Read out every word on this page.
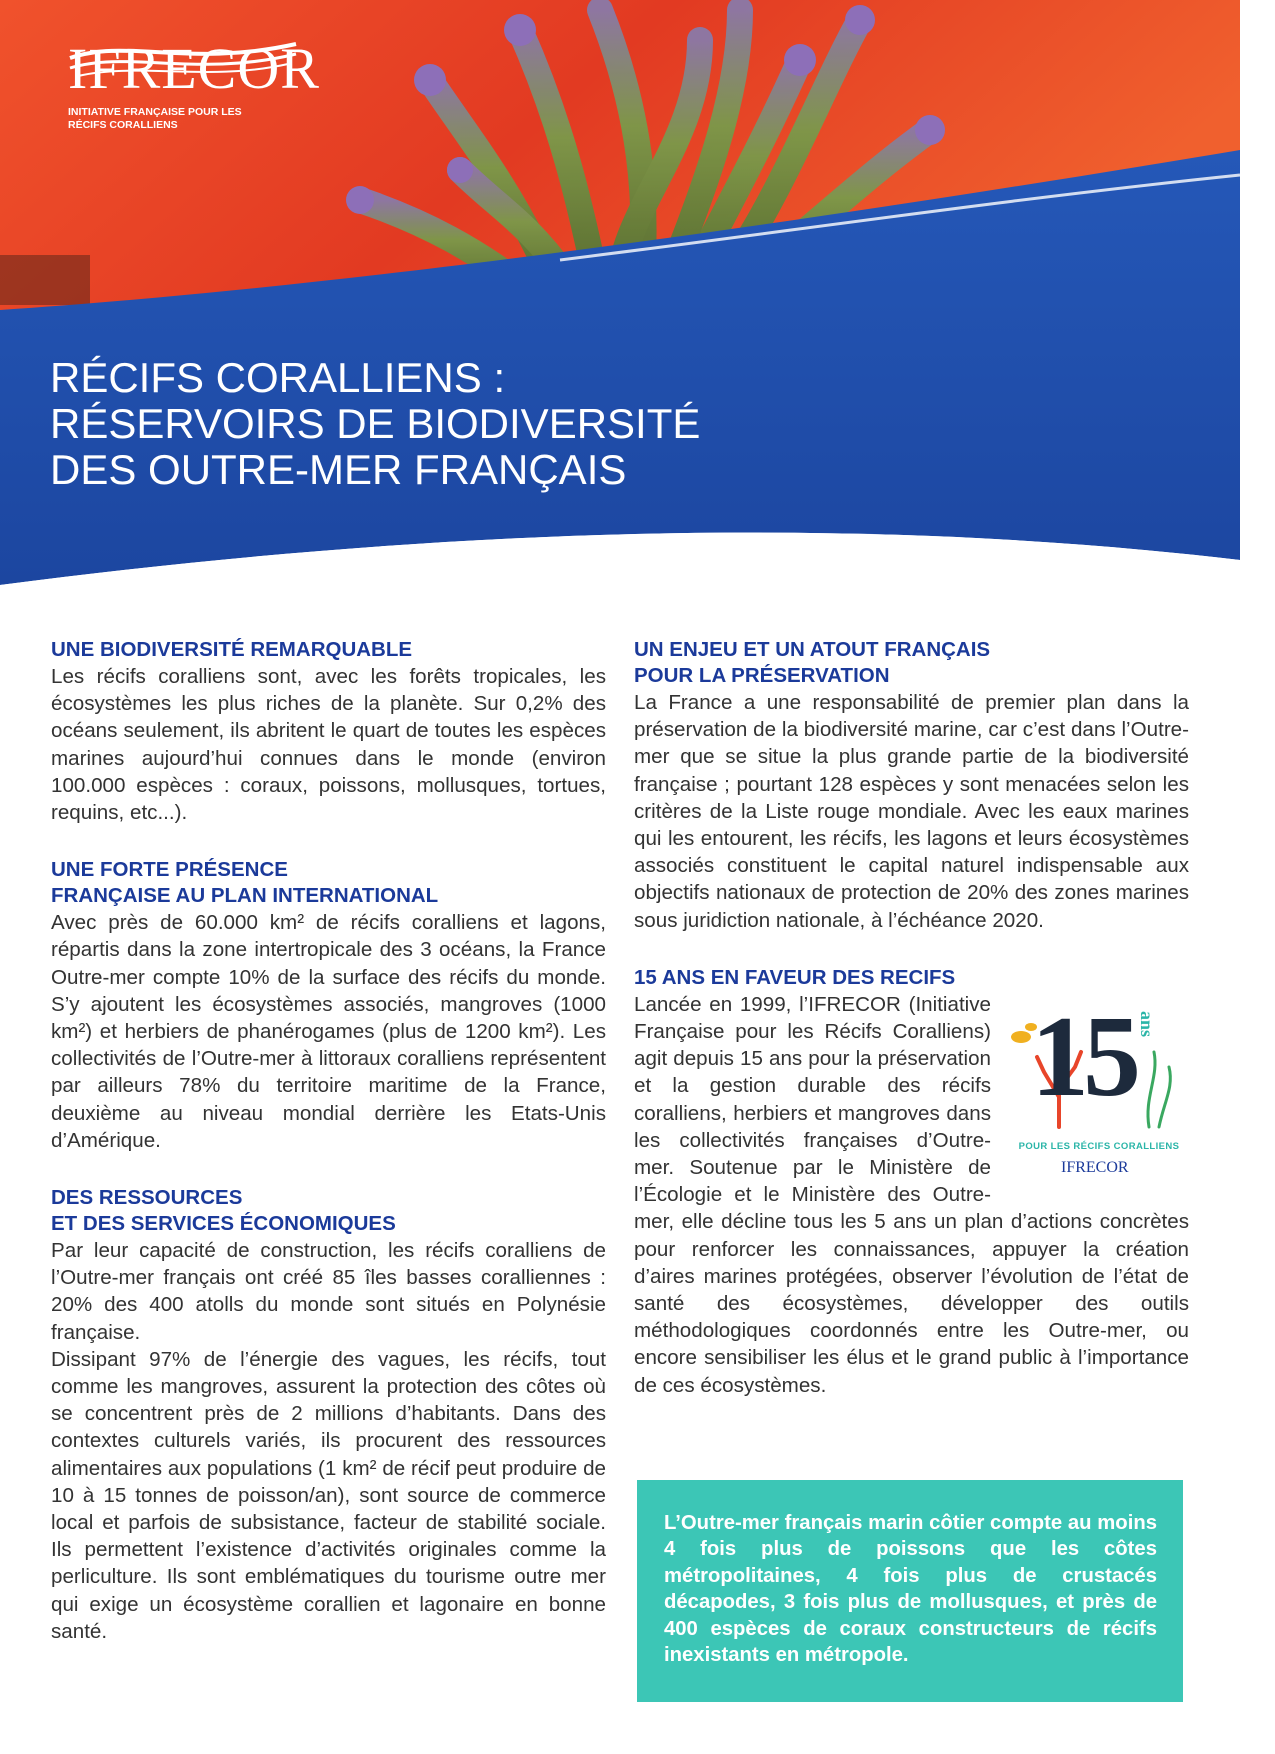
IFRECOR
INITIATIVE FRANÇAISE POUR LES RÉCIFS CORALLIENS
RÉCIFS CORALLIENS :
RÉSERVOIRS DE BIODIVERSITÉ
DES OUTRE-MER FRANÇAIS
UNE BIODIVERSITÉ REMARQUABLE

Les récifs coralliens sont, avec les forêts tropicales, les écosystèmes les plus riches de la planète. Sur 0,2% des océans seulement, ils abritent le quart de toutes les espèces marines aujourd’hui connues dans le monde (environ 100.000 espèces : coraux, poissons, mollusques, tortues, requins, etc...).

UNE FORTE PRÉSENCE
FRANÇAISE AU PLAN INTERNATIONAL

Avec près de 60.000 km² de récifs coralliens et lagons, répartis dans la zone intertropicale des 3 océans, la France Outre-mer compte 10% de la surface des récifs du monde. S’y ajoutent les écosystèmes associés, mangroves (1000 km²) et herbiers de phanérogames (plus de 1200 km²). Les collectivités de l’Outre-mer à littoraux coralliens représentent par ailleurs 78% du territoire maritime de la France, deuxième au niveau mondial derrière les Etats-Unis d’Amérique.

DES RESSOURCES
ET DES SERVICES ÉCONOMIQUES

Par leur capacité de construction, les récifs coralliens de l’Outre-mer français ont créé 85 îles basses coralliennes : 20% des 400 atolls du monde sont situés en Polynésie française.

Dissipant 97% de l’énergie des vagues, les récifs, tout comme les mangroves, assurent la protection des côtes où se concentrent près de 2 millions d’habitants. Dans des contextes culturels variés, ils procurent des ressources alimentaires aux populations (1 km² de récif peut produire de 10 à 15 tonnes de poisson/an), sont source de commerce local et parfois de subsistance, facteur de stabilité sociale. Ils permettent l’existence d’activités originales comme la perliculture. Ils sont emblématiques du tourisme outre mer qui exige un écosystème corallien et lagonaire en bonne santé.

UN ENJEU ET UN ATOUT FRANÇAIS
POUR LA PRÉSERVATION

La France a une responsabilité de premier plan dans la préservation de la biodiversité marine, car c’est dans l’Outre-mer que se situe la plus grande partie de la biodiversité française ; pourtant 128 espèces y sont menacées selon les critères de la Liste rouge mondiale. Avec les eaux marines qui les entourent, les récifs, les lagons et leurs écosystèmes associés constituent le capital naturel indispensable aux objectifs nationaux de protection de 20% des zones marines sous juridiction nationale, à l’échéance 2020.

15 ANS EN FAVEUR DES RECIFS
15 ans
POUR LES RÉCIFS CORALLIENS
IFRECOR

Lancée en 1999, l’IFRECOR (Initiative Française pour les Récifs Coralliens) agit depuis 15 ans pour la préservation et la gestion durable des récifs coralliens, herbiers et mangroves dans les collectivités françaises d’Outre-mer. Soutenue par le Ministère de l’Écologie et le Ministère des Outre-mer, elle décline tous les 5 ans un plan d’actions concrètes pour renforcer les connaissances, appuyer la création d’aires marines protégées, observer l’évolution de l’état de santé des écosystèmes, développer des outils méthodologiques coordonnés entre les Outre-mer, ou encore sensibiliser les élus et le grand public à l’importance de ces écosystèmes.

L’Outre-mer français marin côtier compte au moins 4 fois plus de poissons que les côtes métropolitaines, 4 fois plus de crustacés décapodes, 3 fois plus de mollusques, et près de 400 espèces de coraux constructeurs de récifs inexistants en métropole.
